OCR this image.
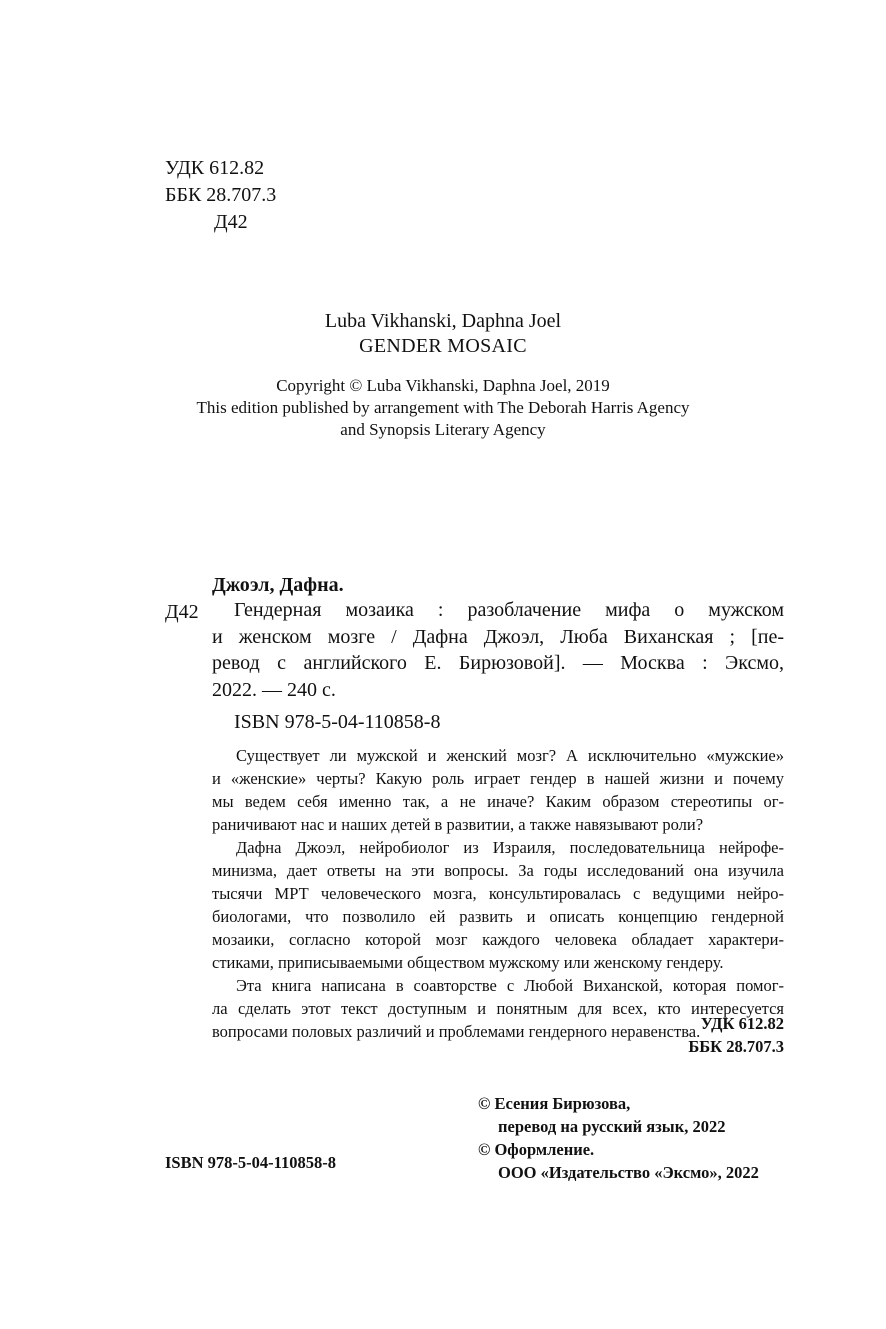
УДК 612.82
ББК 28.707.3
Д42
Luba Vikhanski, Daphna Joel
GENDER MOSAIC
Copyright © Luba Vikhanski, Daphna Joel, 2019
This edition published by arrangement with The Deborah Harris Agency
and Synopsis Literary Agency
Джоэл, Дафна.
Д42	Гендерная мозаика : разоблачение мифа о мужском
и женском мозге / Дафна Джоэл, Люба Виханская ; [пе-
ревод с английского Е. Бирюзовой]. — Москва : Эксмо,
2022. — 240 с.
ISBN 978-5-04-110858-8
Существует ли мужской и женский мозг? А исключительно «мужские»
и «женские» черты? Какую роль играет гендер в нашей жизни и почему
мы ведем себя именно так, а не иначе? Каким образом стереотипы ог-
раничивают нас и наших детей в развитии, а также навязывают роли?
Дафна Джоэл, нейробиолог из Израиля, последовательница нейрофе-
минизма, дает ответы на эти вопросы. За годы исследований она изучила
тысячи МРТ человеческого мозга, консультировалась с ведущими нейро-
биологами, что позволило ей развить и описать концепцию гендерной
мозаики, согласно которой мозг каждого человека обладает характери-
стиками, приписываемыми обществом мужскому или женскому гендеру.
Эта книга написана в соавторстве с Любой Виханской, которая помог-
ла сделать этот текст доступным и понятным для всех, кто интересуется
вопросами половых различий и проблемами гендерного неравенства. УДК 612.82
ББК 28.707.3
© Есения Бирюзова,
перевод на русский язык, 2022
© Оформление.
ООО «Издательство «Эксмо», 2022
ISBN 978-5-04-110858-8
